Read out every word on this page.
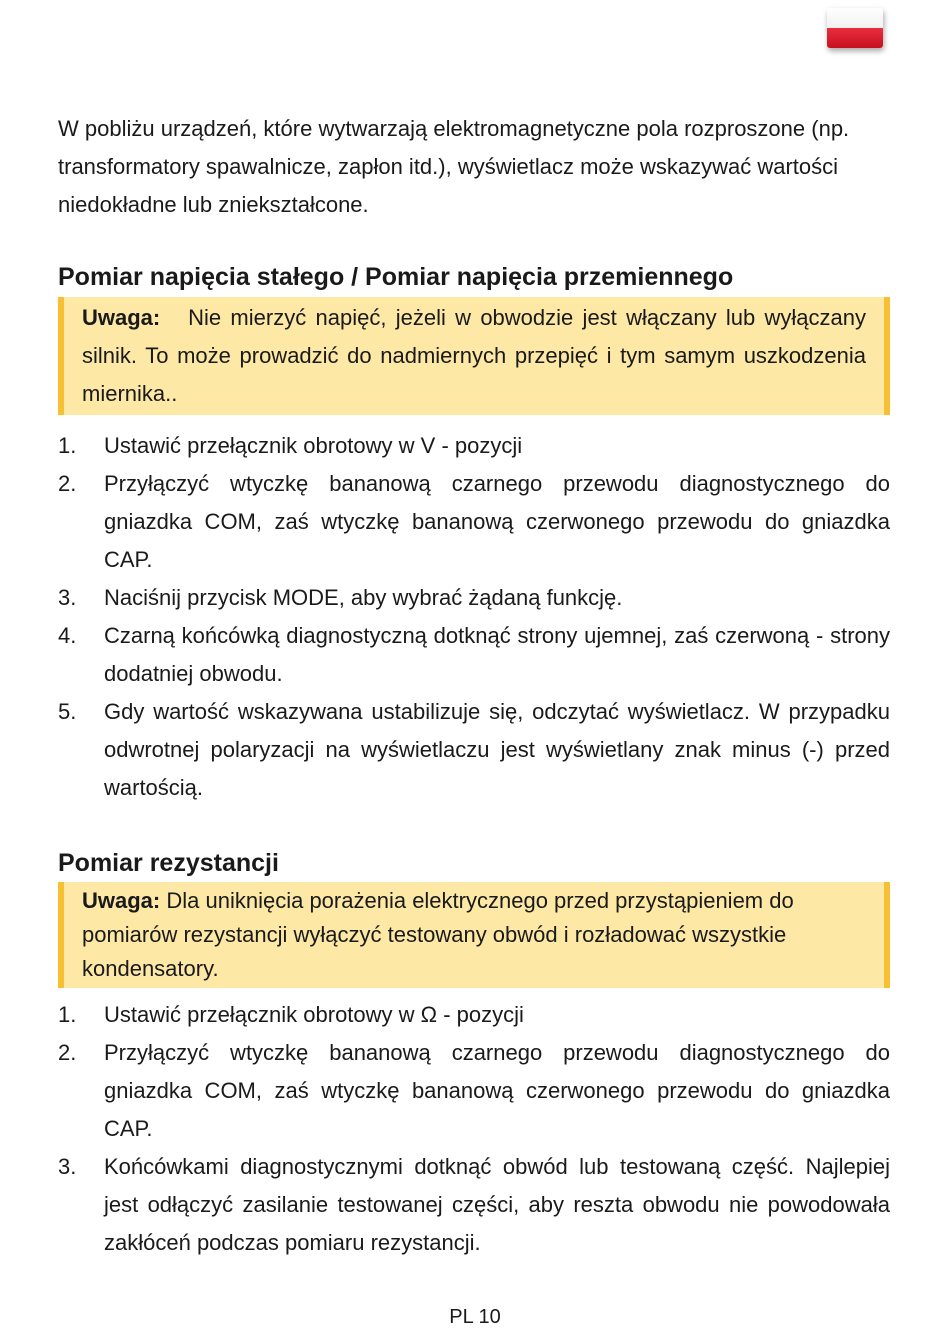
W pobliżu urządzeń, które wytwarzają elektromagnetyczne pola rozproszone (np. transformatory spawalnicze, zapłon itd.), wyświetlacz może wskazywać wartości niedokładne lub zniekształcone.

Pomiar napięcia stałego / Pomiar napięcia przemiennego

Uwaga: Nie mierzyć napięć, jeżeli w obwodzie jest włączany lub wyłączany silnik. To może prowadzić do nadmiernych przepięć i tym samym uszkodzenia miernika..

1. Ustawić przełącznik obrotowy w V - pozycji
2. Przyłączyć wtyczkę bananową czarnego przewodu diagnostycznego do gniazdka COM, zaś wtyczkę bananową czerwonego przewodu do gniazdka CAP.
3. Naciśnij przycisk MODE, aby wybrać żądaną funkcję.
4. Czarną końcówką diagnostyczną dotknąć strony ujemnej, zaś czerwoną - strony dodatniej obwodu.
5. Gdy wartość wskazywana ustabilizuje się, odczytać wyświetlacz. W przypadku odwrotnej polaryzacji na wyświetlaczu jest wyświetlany znak minus (-) przed wartością.
Pomiar rezystancji

Uwaga: Dla uniknięcia porażenia elektrycznego przed przystąpieniem do pomiarów rezystancji wyłączyć testowany obwód i rozładować wszystkie kondensatory.

1. Ustawić przełącznik obrotowy w Ω - pozycji
2. Przyłączyć wtyczkę bananową czarnego przewodu diagnostycznego do gniazdka COM, zaś wtyczkę bananową czerwonego przewodu do gniazdka CAP.
3. Końcówkami diagnostycznymi dotknąć obwód lub testowaną część. Najlepiej jest odłączyć zasilanie testowanej części, aby reszta obwodu nie powodowała zakłóceń podczas pomiaru rezystancji.
PL 10
